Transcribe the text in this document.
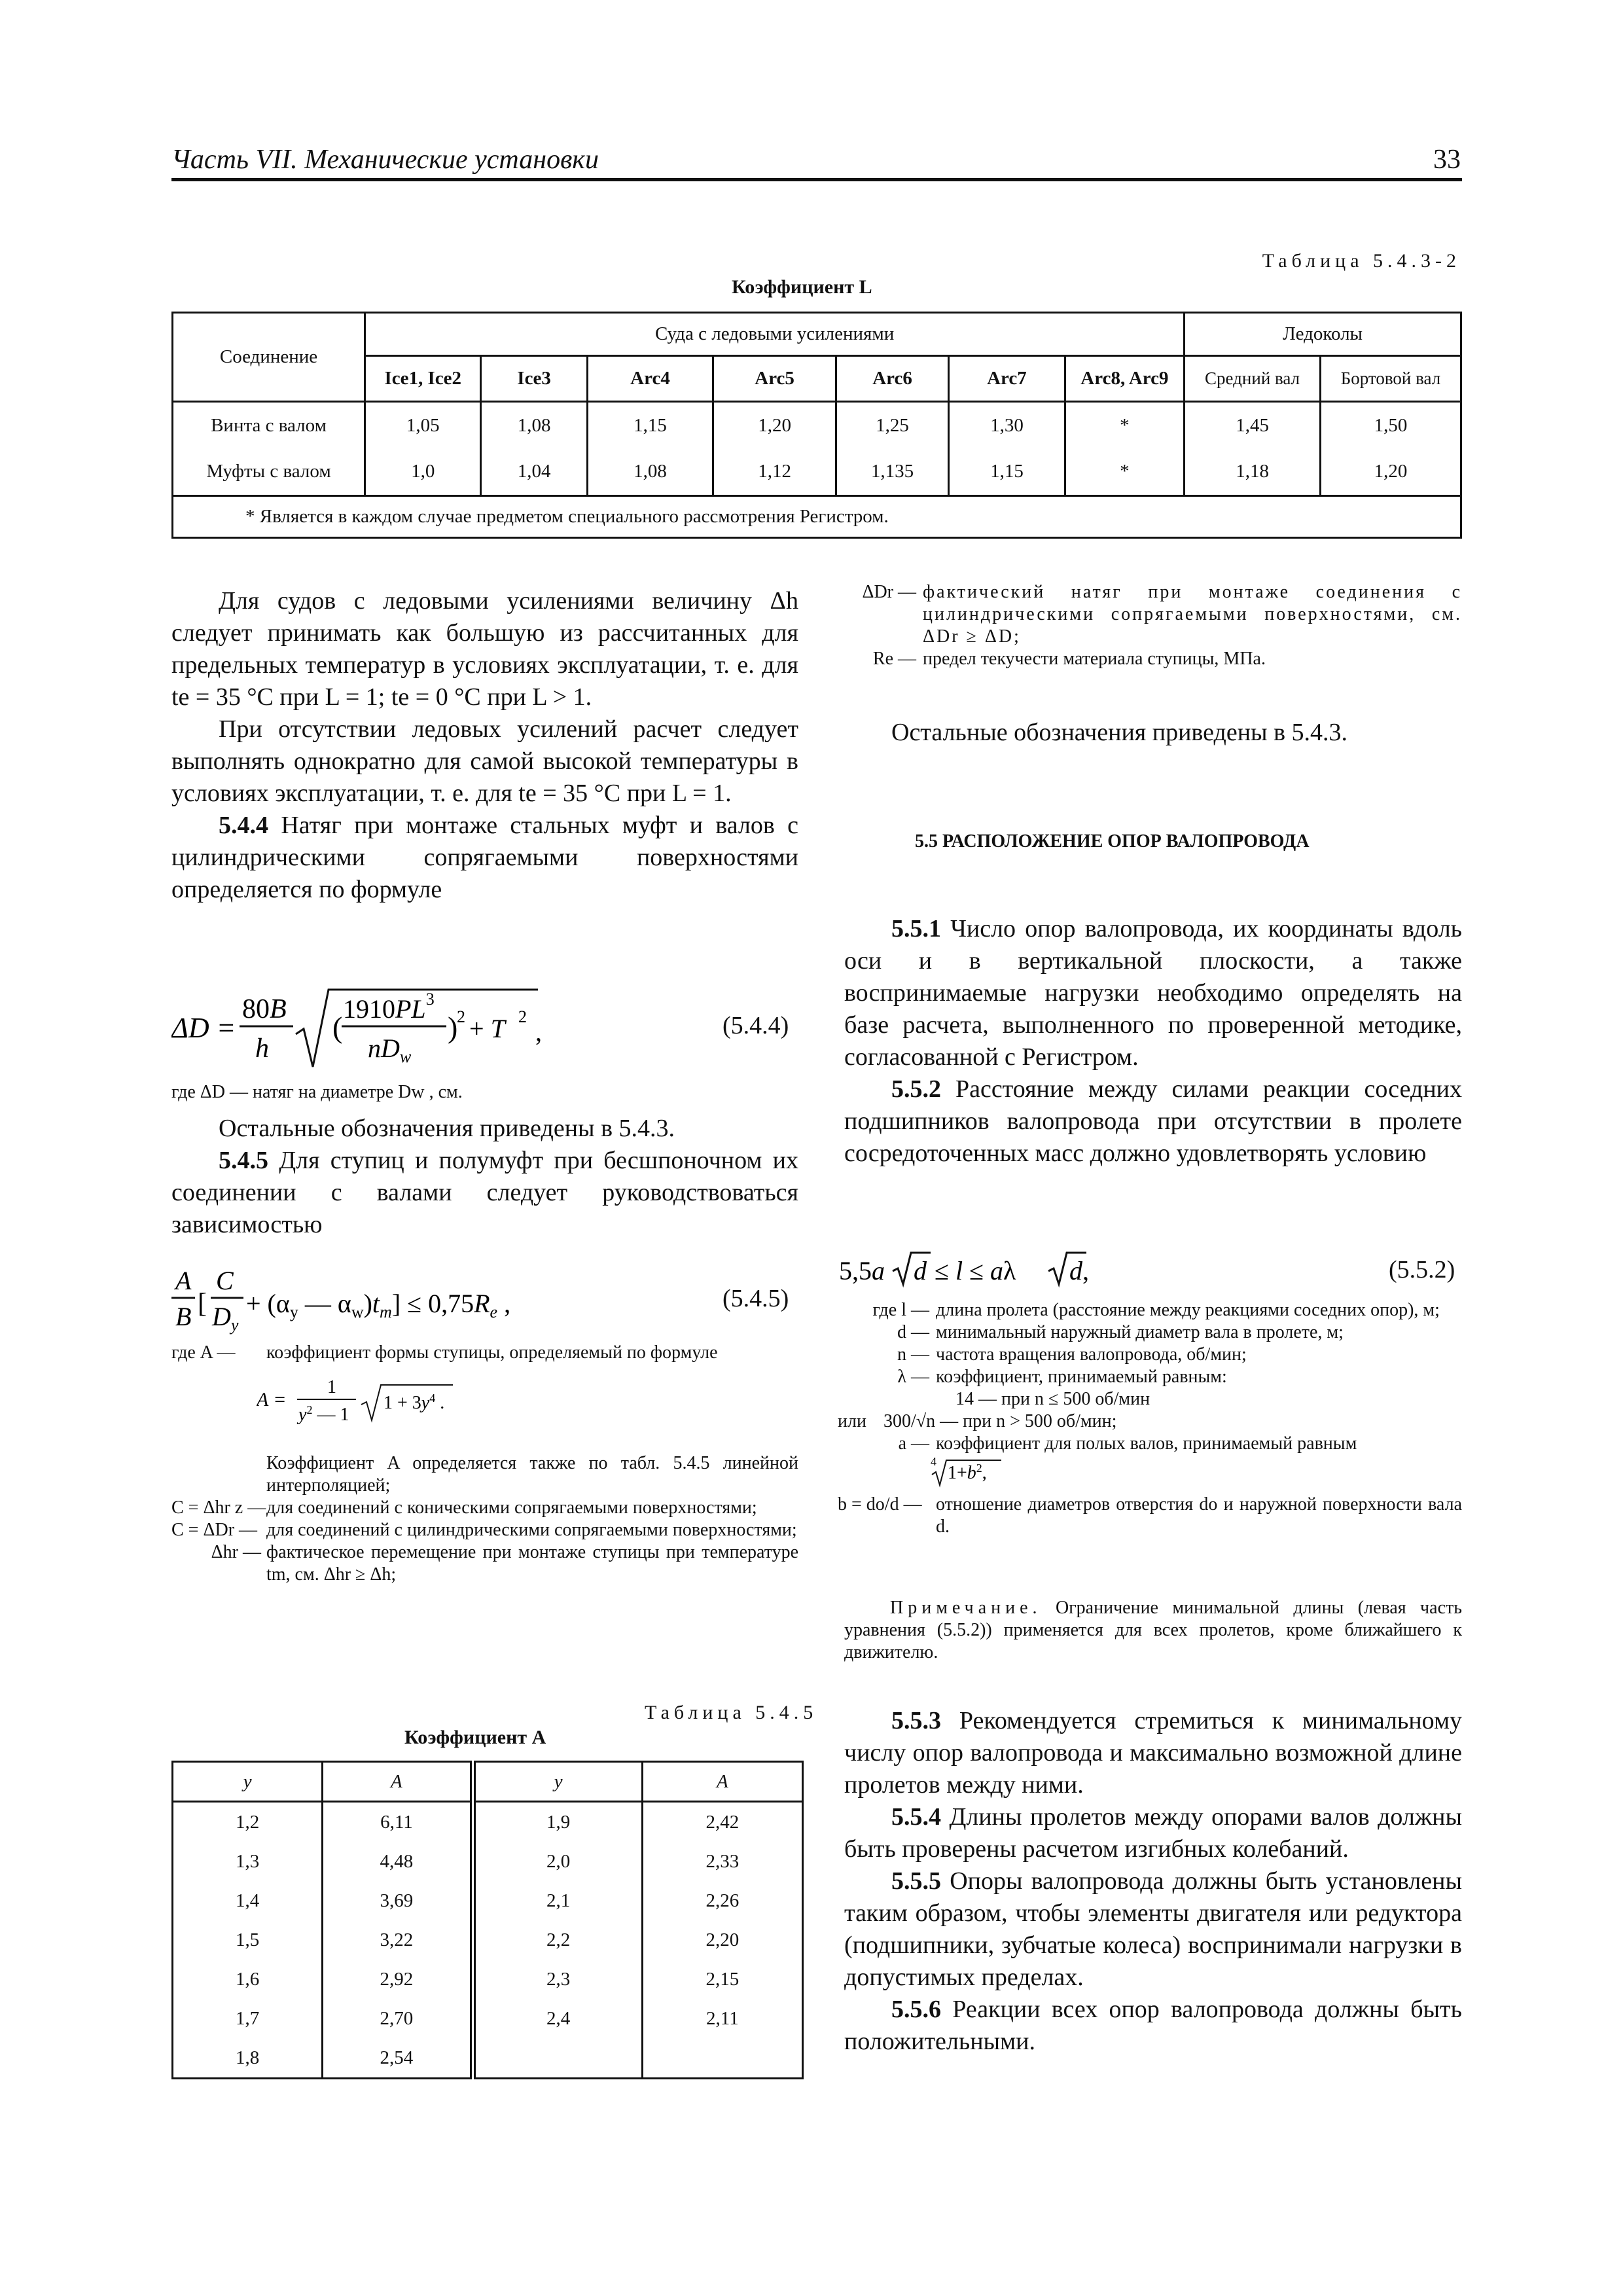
Часть VII. Механические установки	33
Таблица 5.4.3-2
Коэффициент L
Соединение	Суда с ледовыми усилениями							Ледоколы	
	Ice1, Ice2	Ice3	Arc4	Arc5	Arc6	Arc7	Arc8, Arc9	Средний вал	Бортовой вал
Винта с валом	1,05	1,08	1,15	1,20	1,25	1,30	*	1,45	1,50
Муфты с валом	1,0	1,04	1,08	1,12	1,135	1,15	*	1,18	1,20
* Является в каждом случае предметом специального рассмотрения Регистром.									

Для судов с ледовыми усилениями величину Δh следует принимать как большую из рассчитанных для предельных температур в условиях эксплуатации, т. е. для te = 35 °С при L = 1; te = 0 °С при L > 1.

При отсутствии ледовых усилений расчет следует выполнять однократно для самой высокой температуры в условиях эксплуатации, т. е. для te = 35 °С при L = 1.

5.4.4 Натяг при монтаже стальных муфт и валов с цилиндрическими сопрягаемыми поверхностями определяется по формуле

ΔD =
80B
h
(
$1910PL^3$
$nD_w$
)
2 + T 2
,	(5.4.4)
где ΔD — натяг на диаметре Dw , см.

Остальные обозначения приведены в 5.4.3.

5.4.5 Для ступиц и полумуфт при бесшпоночном их соединении с валами следует руководствоваться зависимостью

A
B [
C
$D_y$
+ ($\alpha_y$ — $\alpha_w)t_m] \le 0,75R_e$ ,	(5.4.5)
где A —	коэффициент формы ступицы, определяемый по формуле
A =
1
$y^2$ — 1
$1 + 3y^4$ .
Коэффициент A определяется также по табл. 5.4.5 линейной интерполяцией;
C = Δhr z — для соединений с коническими сопрягаемыми поверхностями;
C = ΔDr — для соединений с цилиндрическими сопрягаемыми поверхностями;
Δhr — фактическое перемещение при монтаже ступицы при температуре tm, см. Δhr ≥ Δh;
Таблица 5.4.5
Коэффициент A
y	A	y	A
1,2	6,11	1,9	2,42
1,3	4,48	2,0	2,33
1,4	3,69	2,1	2,26
1,5	3,22	2,2	2,20
1,6	2,92	2,3	2,15
1,7	2,70	2,4	2,11
1,8	2,54		
ΔDr — фактический натяг при монтаже соединения с цилиндрическими сопрягаемыми поверхностями, см. ΔDr ≥ ΔD;
Re — предел текучести материала ступицы, МПа.

Остальные обозначения приведены в 5.4.3.

5.5 РАСПОЛОЖЕНИЕ ОПОР ВАЛОПРОВОДА

5.5.1 Число опор валопровода, их координаты вдоль оси и в вертикальной плоскости, а также воспринимаемые нагрузки необходимо определять на базе расчета, выполненного по проверенной методике, согласованной с Регистром.

5.5.2 Расстояние между силами реакции соседних подшипников валопровода при отсутствии в пролете сосредоточенных масс должно удовлетворять условию

5,5a d ≤ l ≤ aλ d,	(5.5.2)
где l — длина пролета (расстояние между реакциями соседних опор), м;
d — минимальный наружный диаметр вала в пролете, м;
n — частота вращения валопровода, об/мин;
λ — коэффициент, принимаемый равным:
14 — при n ≤ 500 об/мин
или 300/√n — при n > 500 об/мин;
a — коэффициент для полых валов, принимаемый равным
4
$1+b^2$,
b = do/d — отношение диаметров отверстия do и наружной поверхности вала d.
Примечание. Ограничение минимальной длины (левая часть уравнения (5.5.2)) применяется для всех пролетов, кроме ближайшего к движителю.

5.5.3 Рекомендуется стремиться к минимальному числу опор валопровода и максимально возможной длине пролетов между ними.

5.5.4 Длины пролетов между опорами валов должны быть проверены расчетом изгибных колебаний.

5.5.5 Опоры валопровода должны быть установлены таким образом, чтобы элементы двигателя или редуктора (подшипники, зубчатые колеса) воспринимали нагрузки в допустимых пределах.

5.5.6 Реакции всех опор валопровода должны быть положительными.
